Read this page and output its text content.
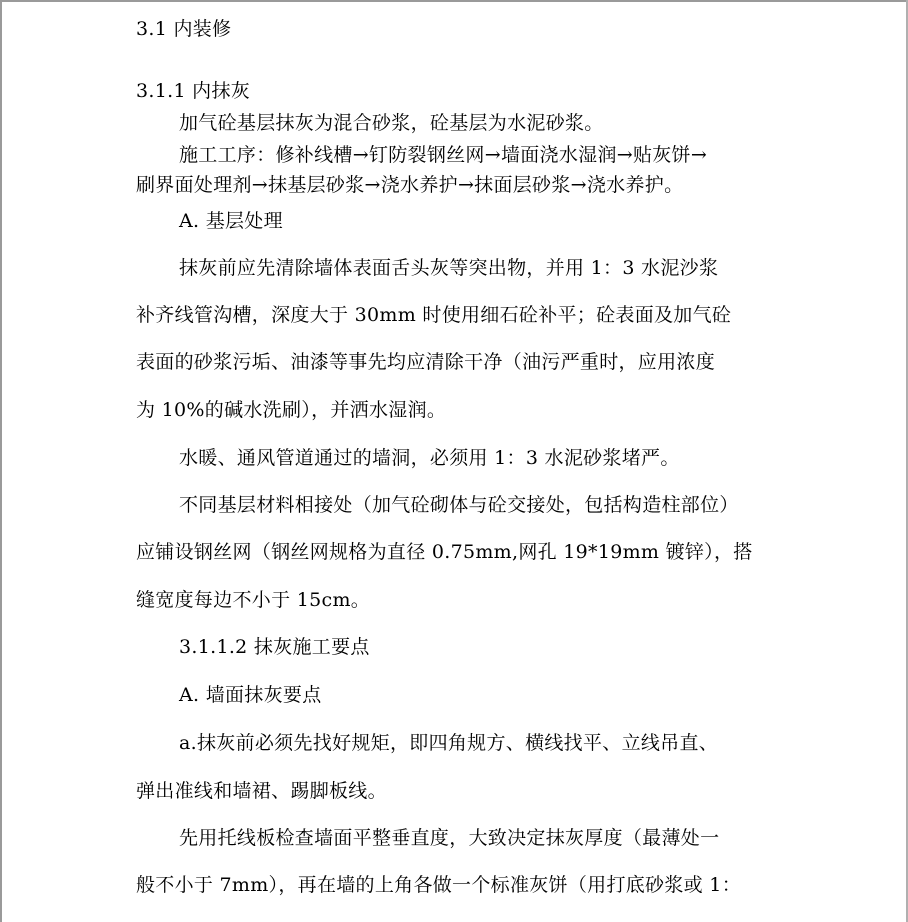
3.1 内装修
3.1.1 内抹灰
加气砼基层抹灰为混合砂浆，砼基层为水泥砂浆。
施工工序：修补线槽→钉防裂钢丝网→墙面浇水湿润→贴灰饼→
刷界面处理剂→抹基层砂浆→浇水养护→抹面层砂浆→浇水养护。
A. 基层处理
抹灰前应先清除墙体表面舌头灰等突出物，并用 1：3 水泥沙浆
补齐线管沟槽，深度大于 30mm 时使用细石砼补平；砼表面及加气砼
表面的砂浆污垢、油漆等事先均应清除干净（油污严重时，应用浓度
为 10%的碱水洗刷），并洒水湿润。
水暖、通风管道通过的墙洞，必须用 1：3 水泥砂浆堵严。
不同基层材料相接处（加气砼砌体与砼交接处，包括构造柱部位）
应铺设钢丝网（钢丝网规格为直径 0.75mm,网孔 19*19mm 镀锌），搭
缝宽度每边不小于 15cm。
3.1.1.2 抹灰施工要点
A. 墙面抹灰要点
a.抹灰前必须先找好规矩，即四角规方、横线找平、立线吊直、
弹出准线和墙裙、踢脚板线。
先用托线板检查墙面平整垂直度，大致决定抹灰厚度（最薄处一
般不小于 7mm），再在墙的上角各做一个标准灰饼（用打底砂浆或 1：
